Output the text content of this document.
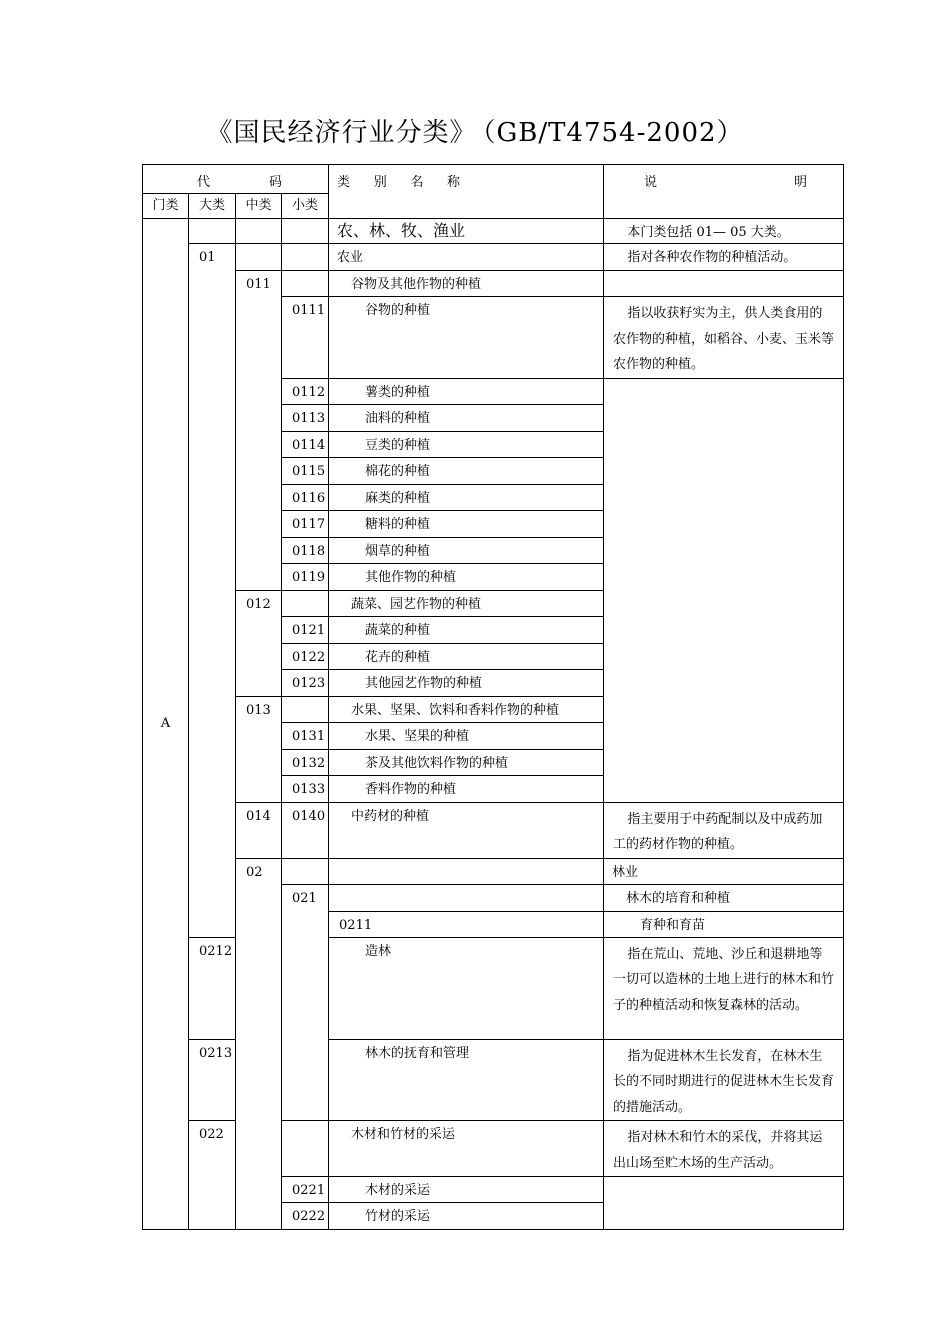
《国民经济行业分类》 （GB/T4754-2002）
代 码				类 别 名 称	说 明	

门类	大类	中类	小类			
A				农、林、牧、渔业	本门类包括 01— 05 大类。	
	01			农业	指对各种农作物的种植活动。	
		011		谷物及其他作物的种植		
			0111	谷物的种植	指以收获籽实为主，供人类食用的农作物的种植，如稻谷、小麦、玉米等农作物的种植。	
			0112	薯类的种植		
			0113	油料的种植		
			0114	豆类的种植		
			0115	棉花的种植		
			0116	麻类的种植		
			0117	糖料的种植		
			0118	烟草的种植		
			0119	其他作物的种植		
		012		蔬菜、园艺作物的种植		
			0121	蔬菜的种植		
			0122	花卉的种植		
			0123	其他园艺作物的种植		
		013		水果、坚果、饮料和香料作物的种植		
			0131	水果、坚果的种植		
			0132	茶及其他饮料作物的种植		
			0133	香料作物的种植		
		014	0140	中药材的种植	指主要用于中药配制以及中成药加工的药材作物的种植。	
		02			林业	
			021		林木的培育和种植	
				0211	育种和育苗	
	0212			造林	指在荒山、荒地、沙丘和退耕地等一切可以造林的土地上进行的林木和竹子的种植活动和恢复森林的活动。	
	0213			林木的抚育和管理	指为促进林木生长发育，在林木生长的不同时期进行的促进林木生长发育的措施活动。	
	022			木材和竹材的采运	指对林木和竹木的采伐，并将其运出山场至贮木场的生产活动。	
			0221	木材的采运		
			0222	竹材的采运		
